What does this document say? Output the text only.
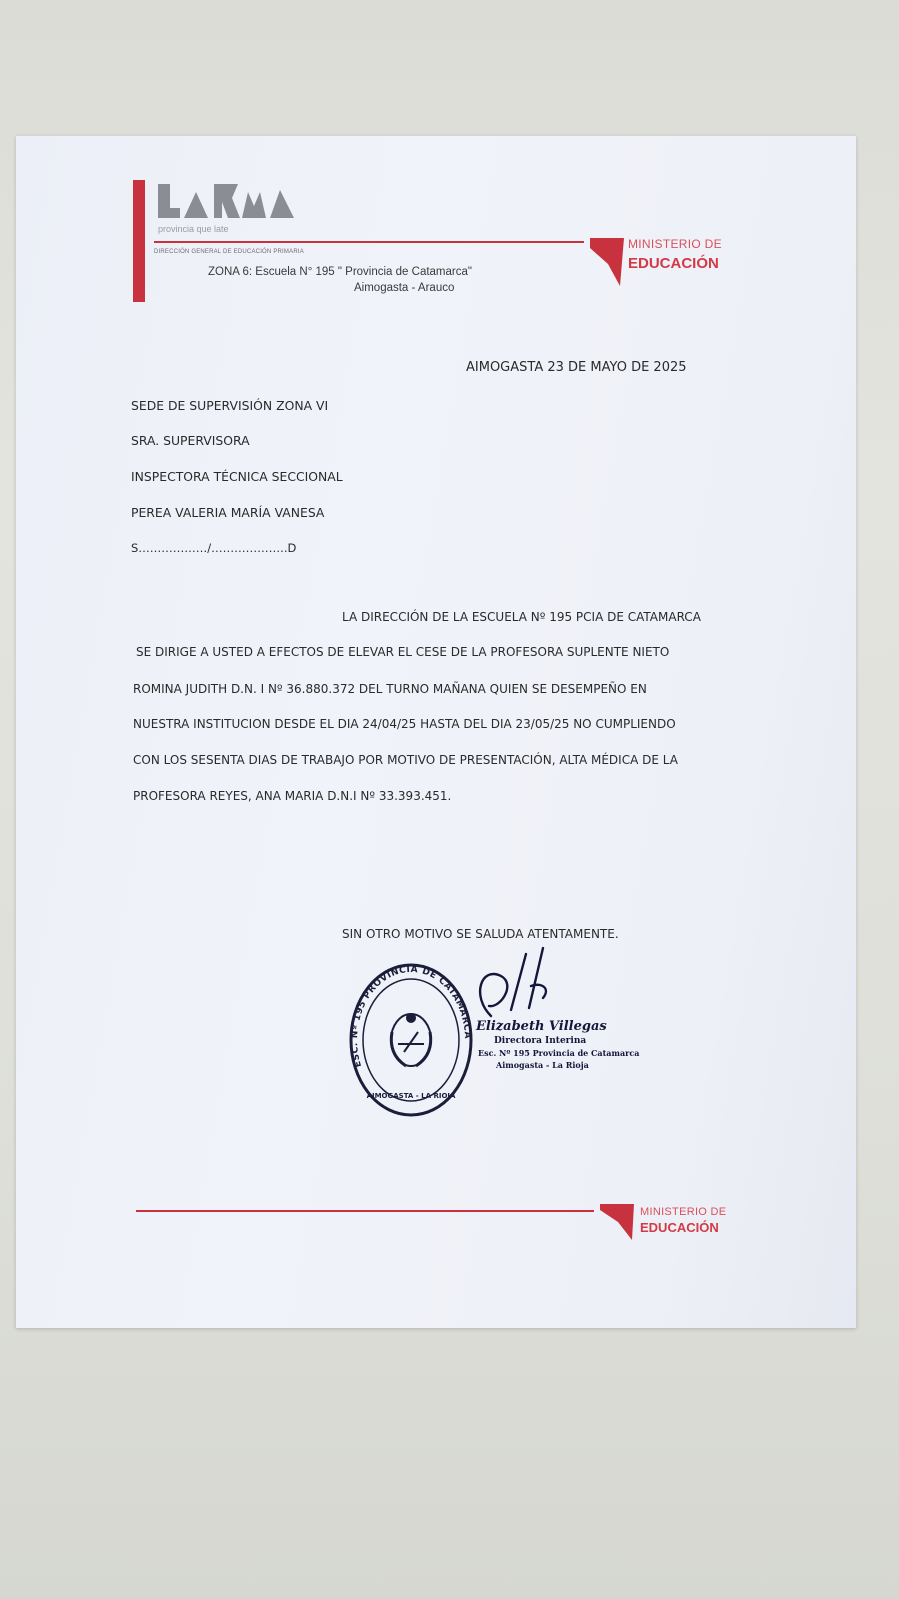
provincia que late
DIRECCIÓN GENERAL DE EDUCACIÓN PRIMARIA
ZONA 6: Escuela N° 195 " Provincia de Catamarca"
Aimogasta - Arauco
MINISTERIO DE
EDUCACIÓN
AIMOGASTA 23 DE MAYO DE 2025
SEDE DE SUPERVISIÓN ZONA VI
SRA. SUPERVISORA
INSPECTORA TÉCNICA SECCIONAL
PEREA VALERIA MARÍA VANESA
S………………/………………..D
LA DIRECCIÓN DE LA ESCUELA Nº 195 PCIA DE CATAMARCA
SE DIRIGE A USTED A EFECTOS DE ELEVAR EL CESE DE LA PROFESORA SUPLENTE NIETO
ROMINA JUDITH D.N. I Nº 36.880.372 DEL TURNO MAÑANA QUIEN SE DESEMPEÑO EN
NUESTRA INSTITUCION DESDE EL DIA 24/04/25 HASTA DEL DIA 23/05/25 NO CUMPLIENDO
CON LOS SESENTA DIAS DE TRABAJO POR MOTIVO DE PRESENTACIÓN, ALTA MÉDICA DE LA
PROFESORA REYES, ANA MARIA D.N.I Nº 33.393.451.
SIN OTRO MOTIVO SE SALUDA ATENTAMENTE.
ESC. Nº 195 PROVINCIA DE CATAMARCA
AIMOGASTA - LA RIOJA
Elizabeth Villegas
Directora Interina
Esc. Nº 195 Provincia de Catamarca
Aimogasta - La Rioja
MINISTERIO DE
EDUCACIÓN
